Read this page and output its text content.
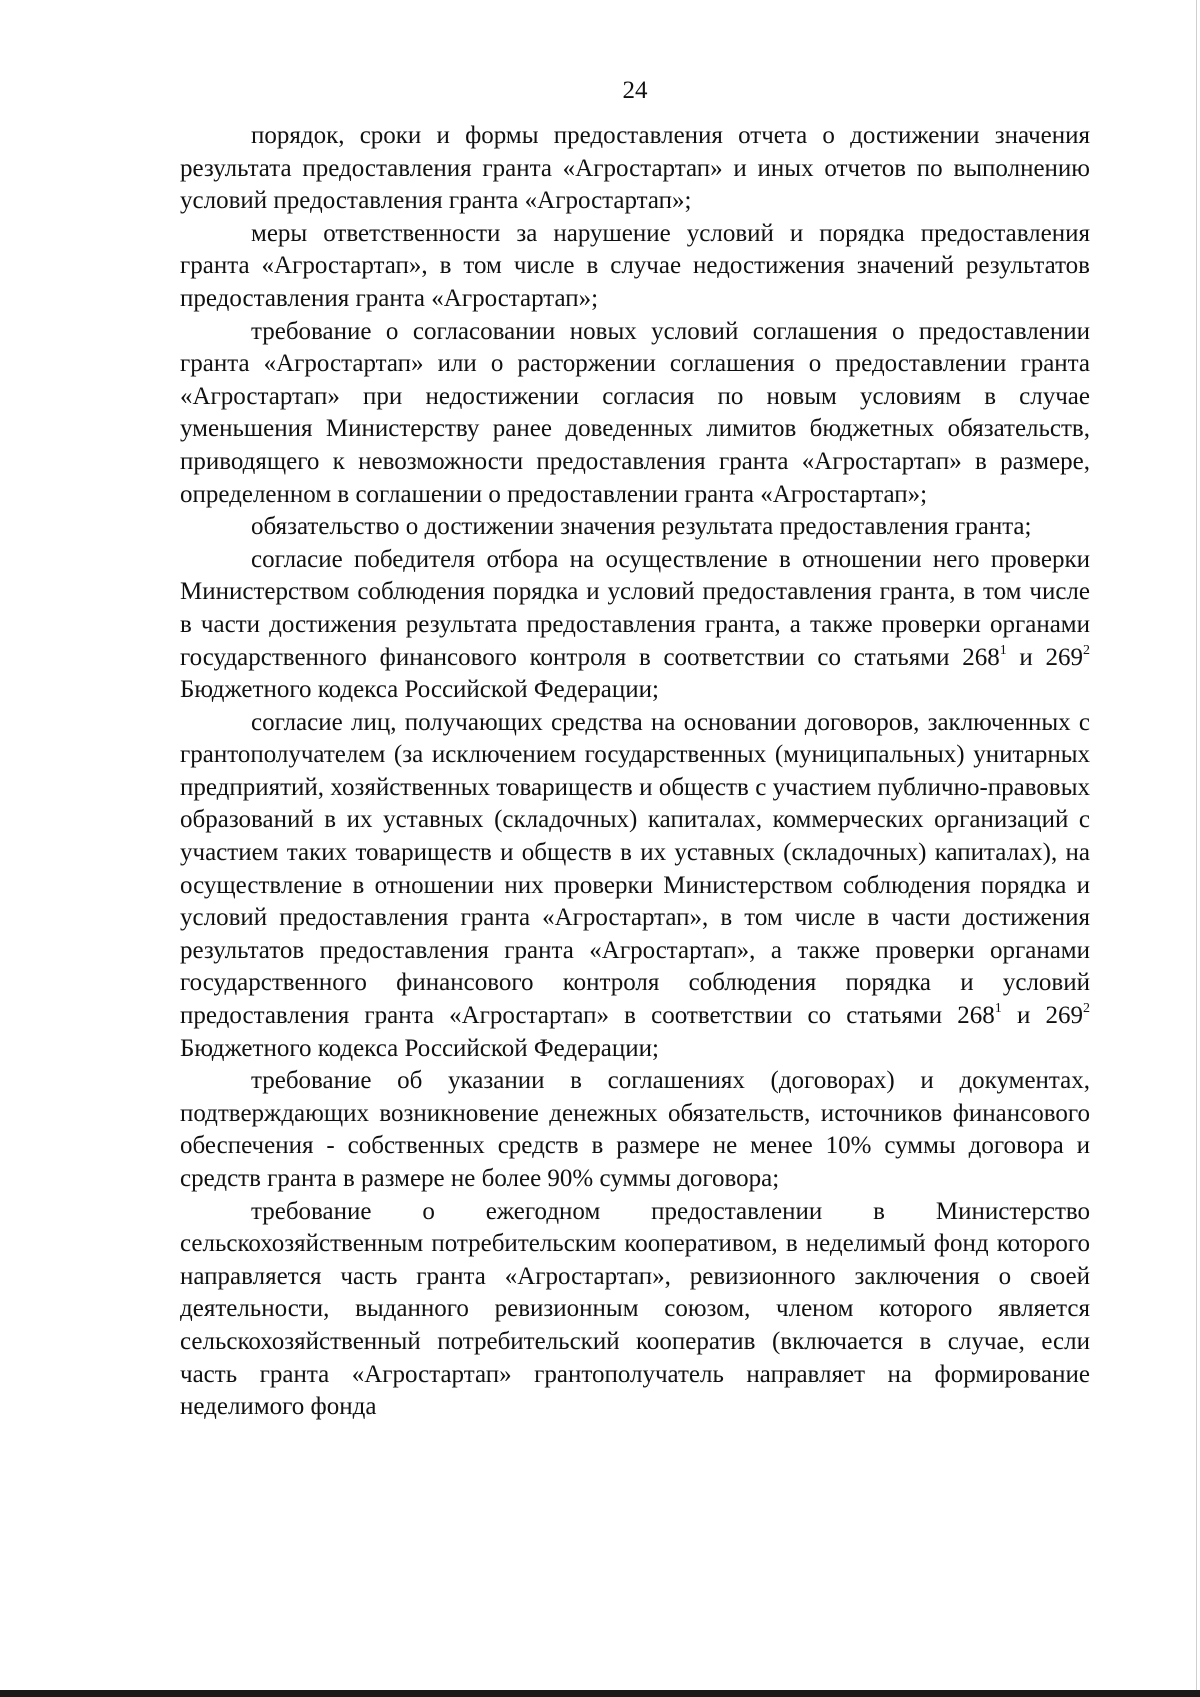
24

порядок, сроки и формы предоставления отчета о достижении значения результата предоставления гранта «Агростартап» и иных отчетов по выполнению условий предоставления гранта «Агростартап»;

меры ответственности за нарушение условий и порядка предоставления гранта «Агростартап», в том числе в случае недостижения значений результатов предоставления гранта «Агростартап»;

требование о согласовании новых условий соглашения о предоставлении гранта «Агростартап» или о расторжении соглашения о предоставлении гранта «Агростартап» при недостижении согласия по новым условиям в случае уменьшения Министерству ранее доведенных лимитов бюджетных обязательств, приводящего к невозможности предоставления гранта «Агростартап» в размере, определенном в соглашении о предоставлении гранта «Агростартап»;

обязательство о достижении значения результата предоставления гранта;

согласие победителя отбора на осуществление в отношении него проверки Министерством соблюдения порядка и условий предоставления гранта, в том числе в части достижения результата предоставления гранта, а также проверки органами государственного финансового контроля в соответствии со статьями $268^1$ и $269^2$ Бюджетного кодекса Российской Федерации;

согласие лиц, получающих средства на основании договоров, заключенных с грантополучателем (за исключением государственных (муниципальных) унитарных предприятий, хозяйственных товариществ и обществ с участием публично-правовых образований в их уставных (складочных) капиталах, коммерческих организаций с участием таких товариществ и обществ в их уставных (складочных) капиталах), на осуществление в отношении них проверки Министерством соблюдения порядка и условий предоставления гранта «Агростартап», в том числе в части достижения результатов предоставления гранта «Агростартап», а также проверки органами государственного финансового контроля соблюдения порядка и условий предоставления гранта «Агростартап» в соответствии со статьями $268^1$ и $269^2$ Бюджетного кодекса Российской Федерации;

требование об указании в соглашениях (договорах) и документах, подтверждающих возникновение денежных обязательств, источников финансового обеспечения - собственных средств в размере не менее 10% суммы договора и средств гранта в размере не более 90% суммы договора;

требование о ежегодном предоставлении в Министерство сельскохозяйственным потребительским кооперативом, в неделимый фонд которого направляется часть гранта «Агростартап», ревизионного заключения о своей деятельности, выданного ревизионным союзом, членом которого является сельскохозяйственный потребительский кооператив (включается в случае, если часть гранта «Агростартап» грантополучатель направляет на формирование неделимого фонда
